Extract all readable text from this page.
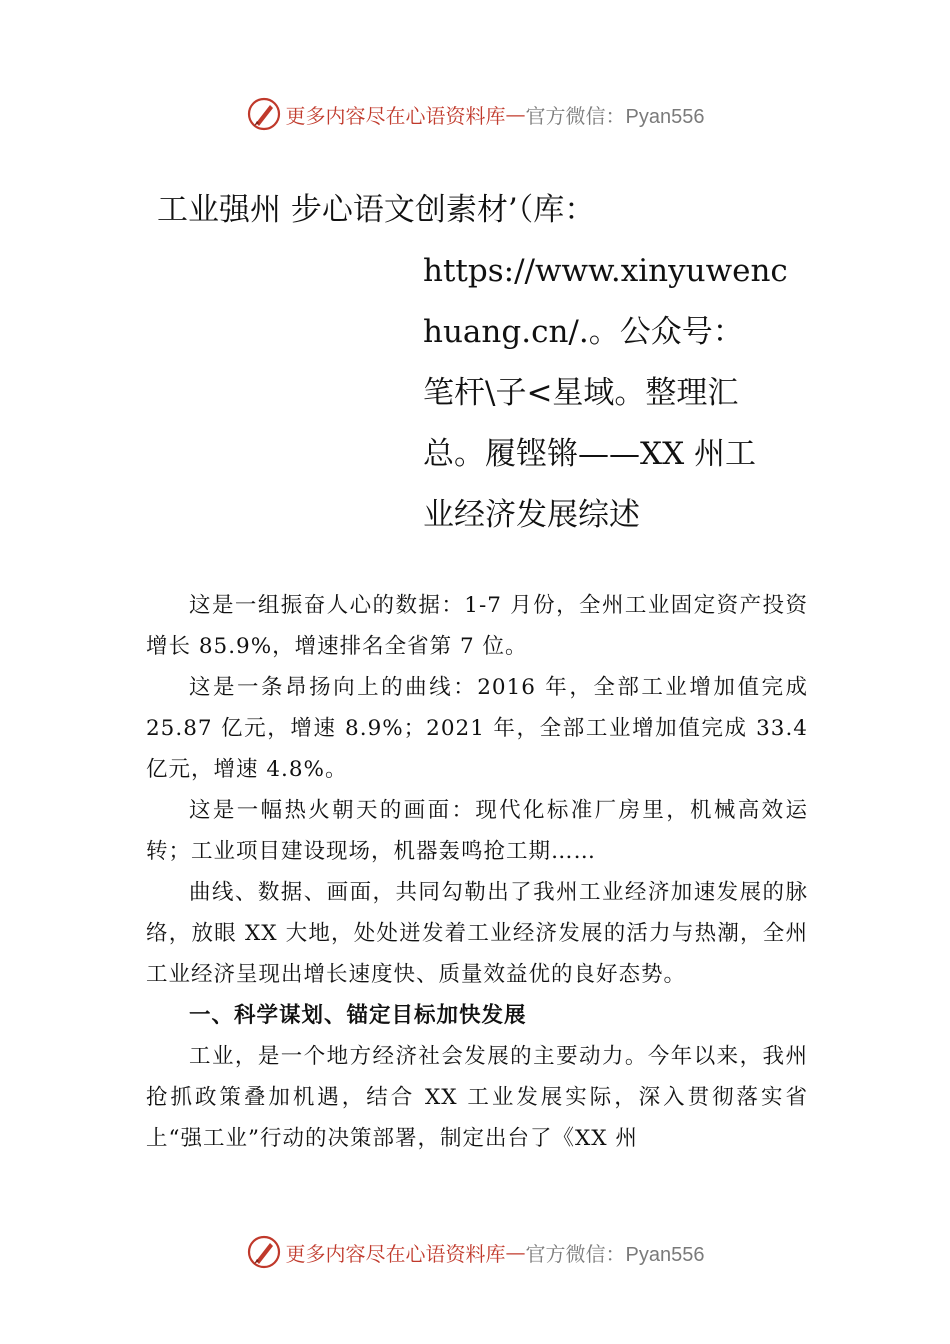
更多内容尽在心语资料库 — 官方微信：Pyan556
工业强州 步心语文创素材’（库：
https://www.xinyuwenc
huang.cn/.。公众号：
笔杆\子<星域。整理汇
总。履铿锵——XX 州工
业经济发展综述

这是一组振奋人心的数据：1-7 月份，全州工业固定资产投资增长 85.9%，增速排名全省第 7 位。

这是一条昂扬向上的曲线：2016 年，全部工业增加值完成 25.87 亿元，增速 8.9%；2021 年，全部工业增加值完成 33.4 亿元，增速 4.8%。

这是一幅热火朝天的画面：现代化标准厂房里，机械高效运转；工业项目建设现场，机器轰鸣抢工期……

曲线、数据、画面，共同勾勒出了我州工业经济加速发展的脉络，放眼 XX 大地，处处迸发着工业经济发展的活力与热潮，全州工业经济呈现出增长速度快、质量效益优的良好态势。

一、科学谋划、锚定目标加快发展

工业，是一个地方经济社会发展的主要动力。今年以来，我州抢抓政策叠加机遇，结合 XX 工业发展实际，深入贯彻落实省上“强工业”行动的决策部署，制定出台了《XX 州

更多内容尽在心语资料库 — 官方微信：Pyan556
